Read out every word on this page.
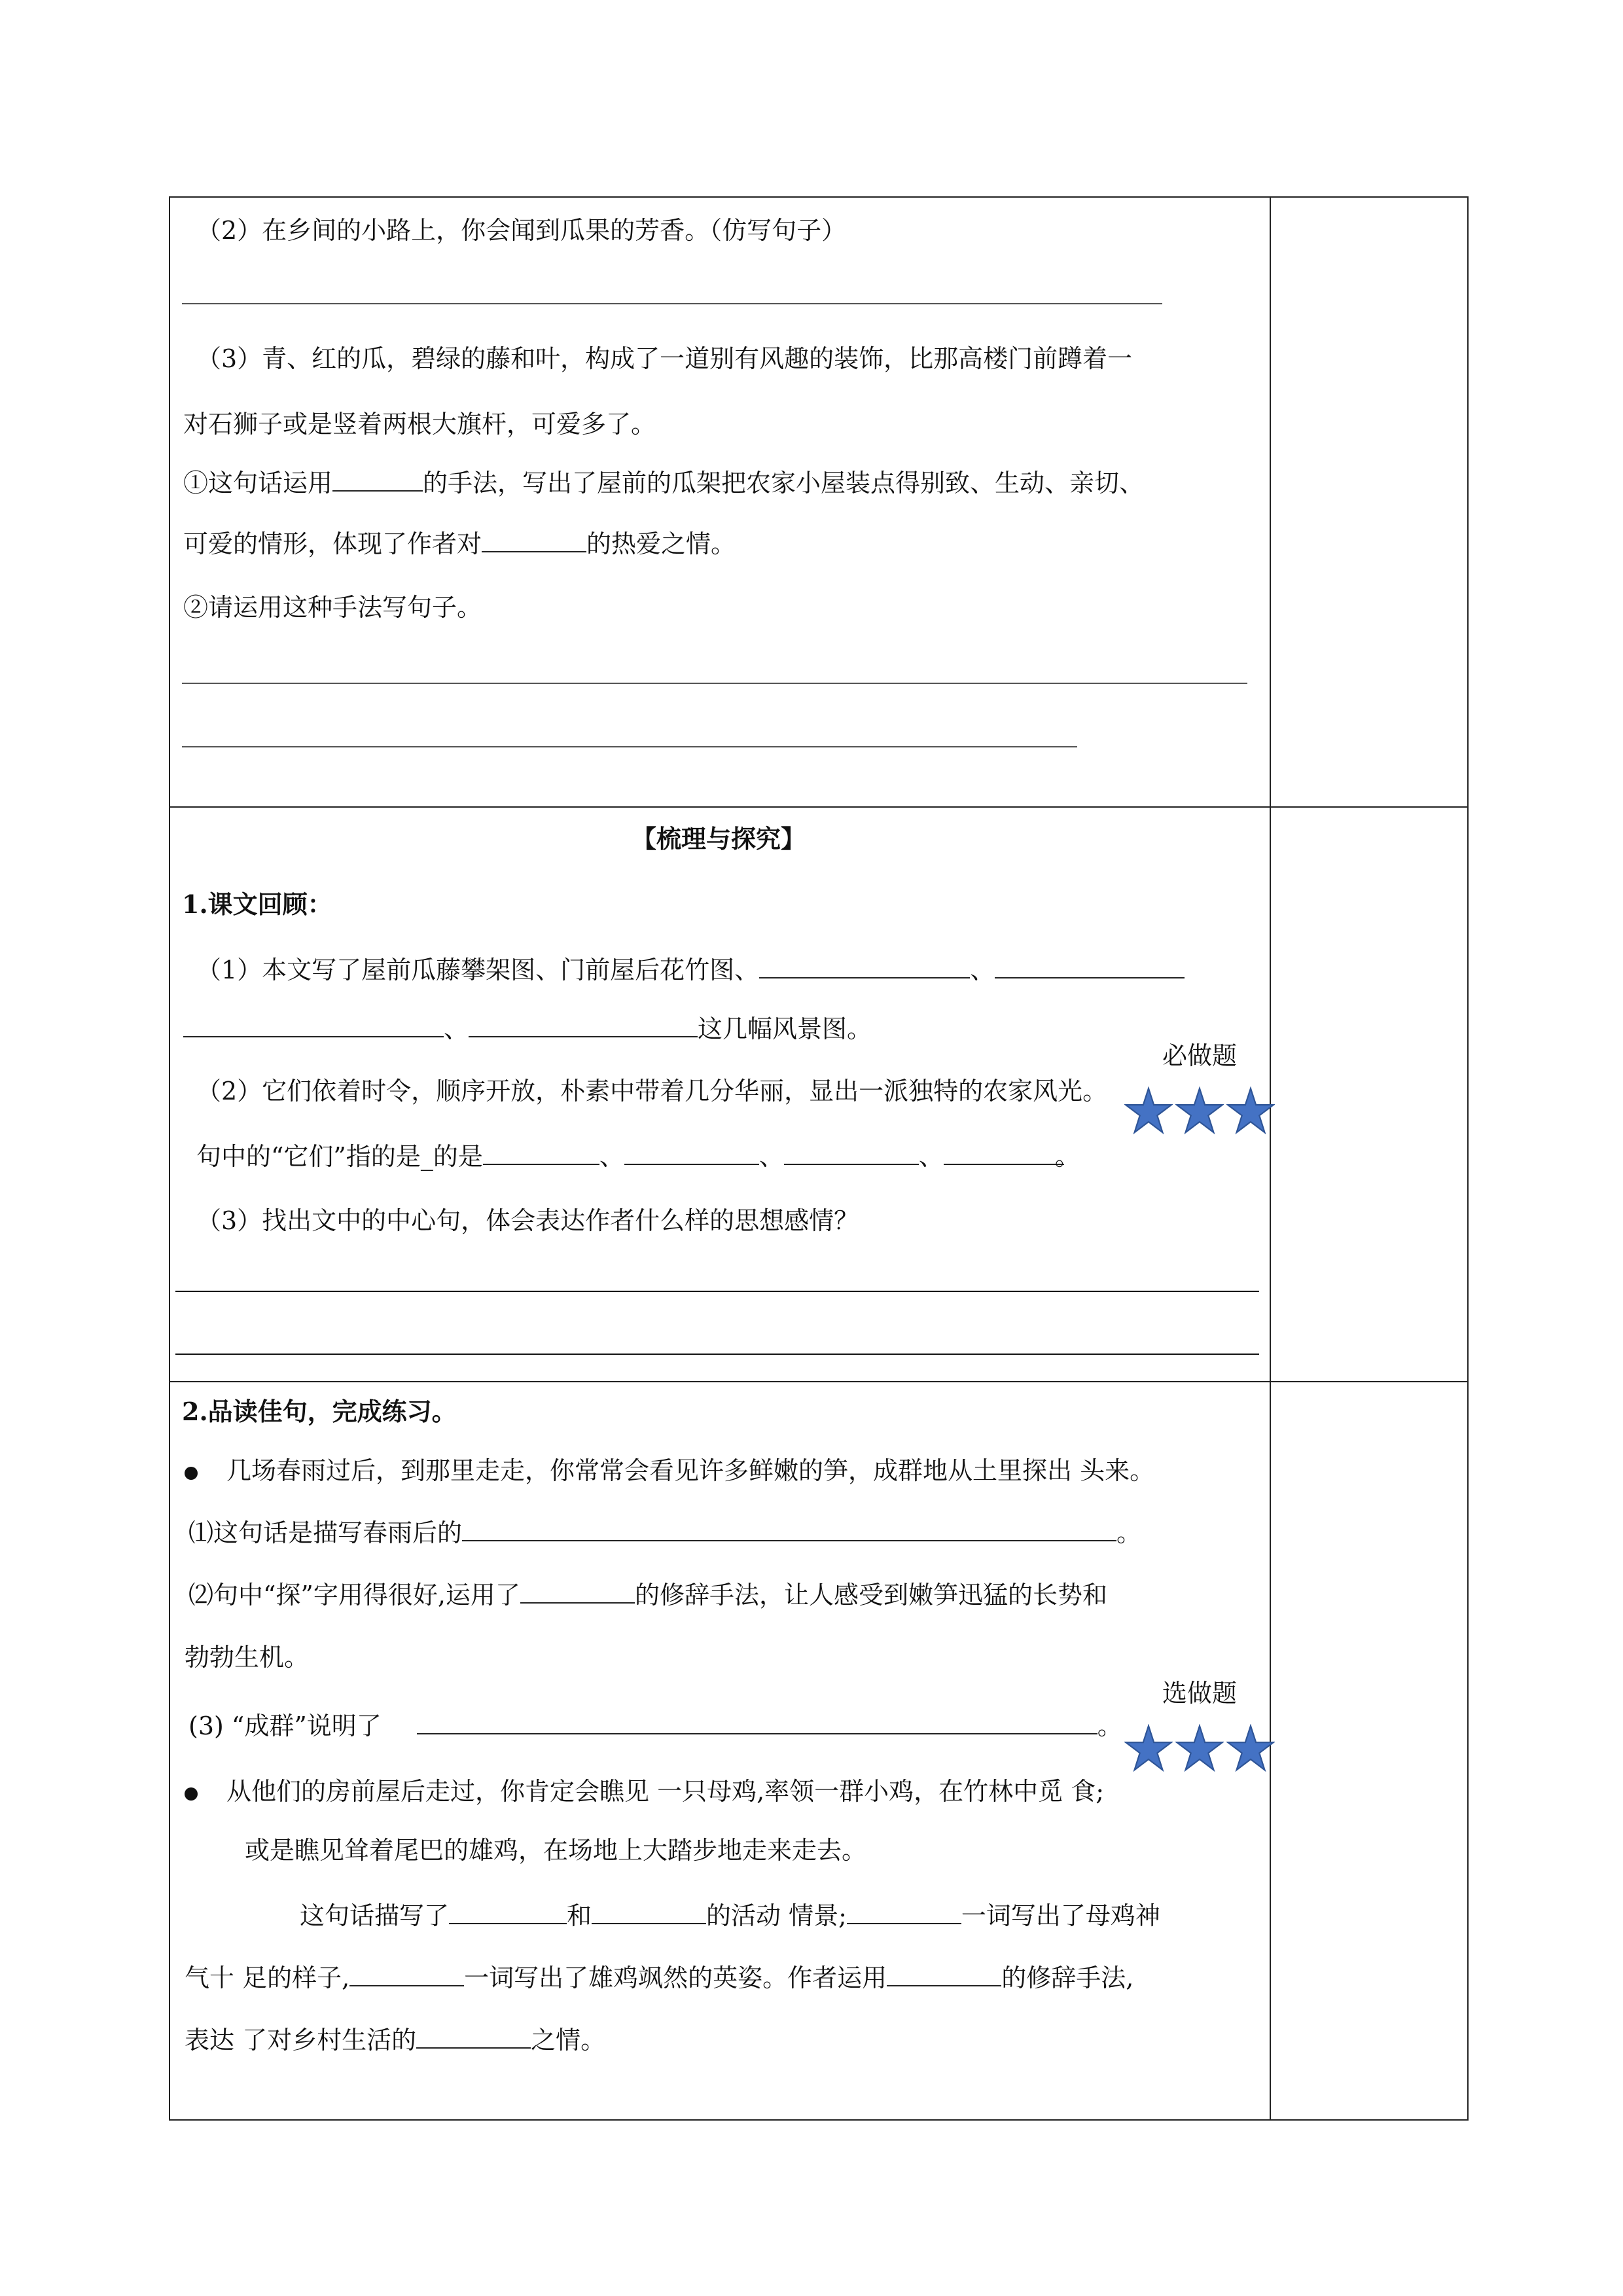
（2）在乡间的小路上，你会闻到瓜果的芳香。（仿写句子）
（3）青、红的瓜，碧绿的藤和叶，构成了一道别有风趣的装饰，比那高楼门前蹲着一
对石狮子或是竖着两根大旗杆，可爱多了。
①这句话运用	的手法，写出了屋前的瓜架把农家小屋装点得别致、生动、亲切、
可爱的情形，体现了作者对	的热爱之情。
②请运用这种手法写句子。
【梳理与探究】
1.课文回顾：
（1）本文写了屋前瓜藤攀架图、门前屋后花竹图、	、
、	这几幅风景图。
（2）它们依着时令，顺序开放，朴素中带着几分华丽，显出一派独特的农家风光。
句中的“它们”指的是_的是	、	、	、	。
（3）找出文中的中心句，体会表达作者什么样的思想感情？
必做题
2.品读佳句，完成练习。
几场春雨过后，到那里走走，你常常会看见许多鲜嫩的笋，成群地从土里探出 头来。
⑴这句话是描写春雨后的	。
⑵句中“探”字用得很好,运用了	的修辞手法，让人感受到嫩笋迅猛的长势和
勃勃生机。
(3) “成群”说明了	。
从他们的房前屋后走过，你肯定会瞧见 一只母鸡,率领一群小鸡，在竹林中觅 食;
或是瞧见耸着尾巴的雄鸡，在场地上大踏步地走来走去。
这句话描写了	和	的活动 情景;	一词写出了母鸡神
气十 足的样子,	一词写出了雄鸡飒然的英姿。作者运用	的修辞手法,
表达 了对乡村生活的	之情。
选做题
